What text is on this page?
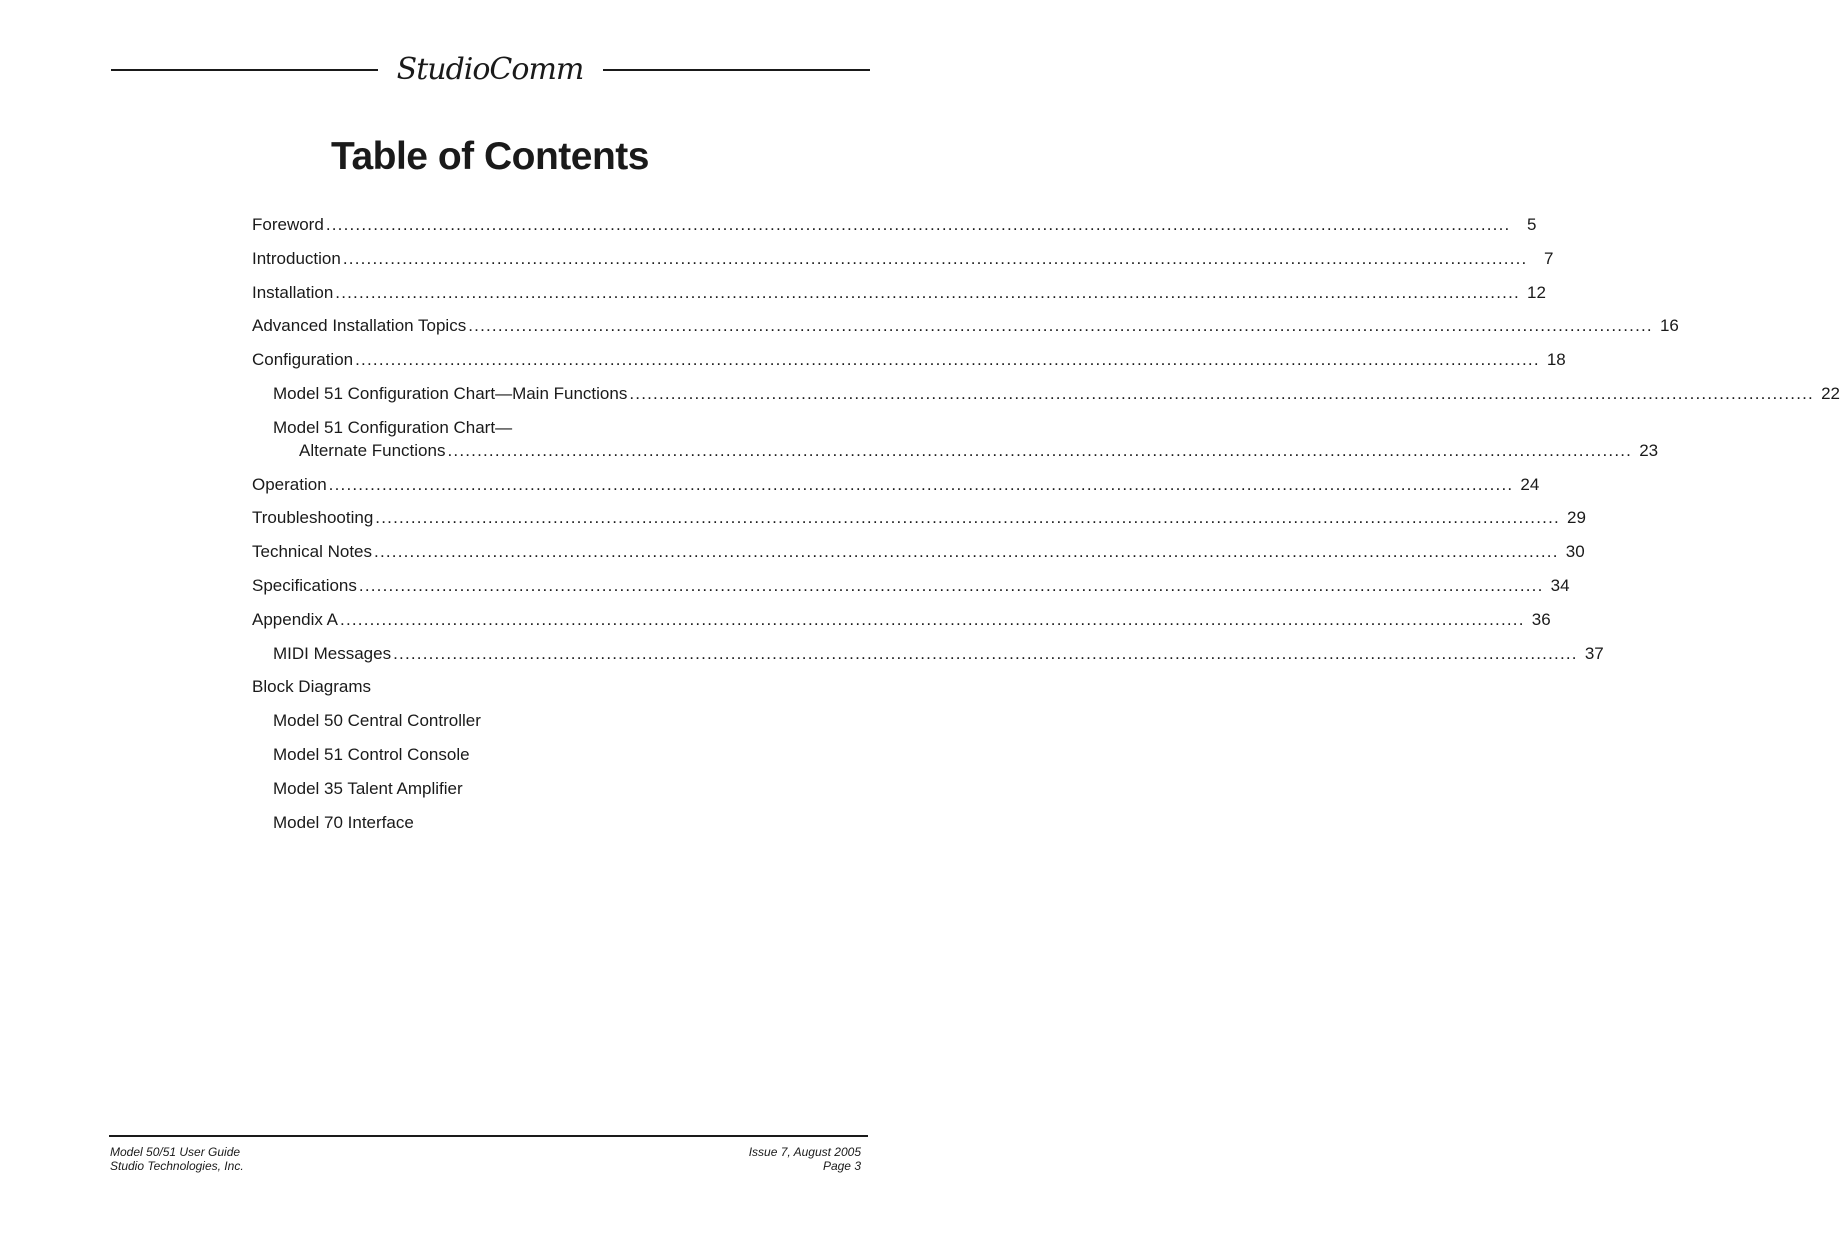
StudioComm
Table of Contents
Foreword ........................................................................................................................................................................................................ 5
Introduction ........................................................................................................................................................................................................ 7
Installation ........................................................................................................................................................................................................ 12
Advanced Installation Topics ........................................................................................................................................................................................................ 16
Configuration ........................................................................................................................................................................................................ 18
Model 51 Configuration Chart—Main Functions ........................................................................................................................................................................................................ 22
Model 51 Configuration Chart—
Alternate Functions ........................................................................................................................................................................................................ 23
Operation ........................................................................................................................................................................................................ 24
Troubleshooting ........................................................................................................................................................................................................ 29
Technical Notes ........................................................................................................................................................................................................ 30
Specifications ........................................................................................................................................................................................................ 34
Appendix A ........................................................................................................................................................................................................ 36
MIDI Messages ........................................................................................................................................................................................................ 37
Block Diagrams
Model 50 Central Controller
Model 51 Control Console
Model 35 Talent Amplifier
Model 70 Interface
Model 50/51 User Guide
Studio Technologies, Inc.
Issue 7, August 2005
Page 3
